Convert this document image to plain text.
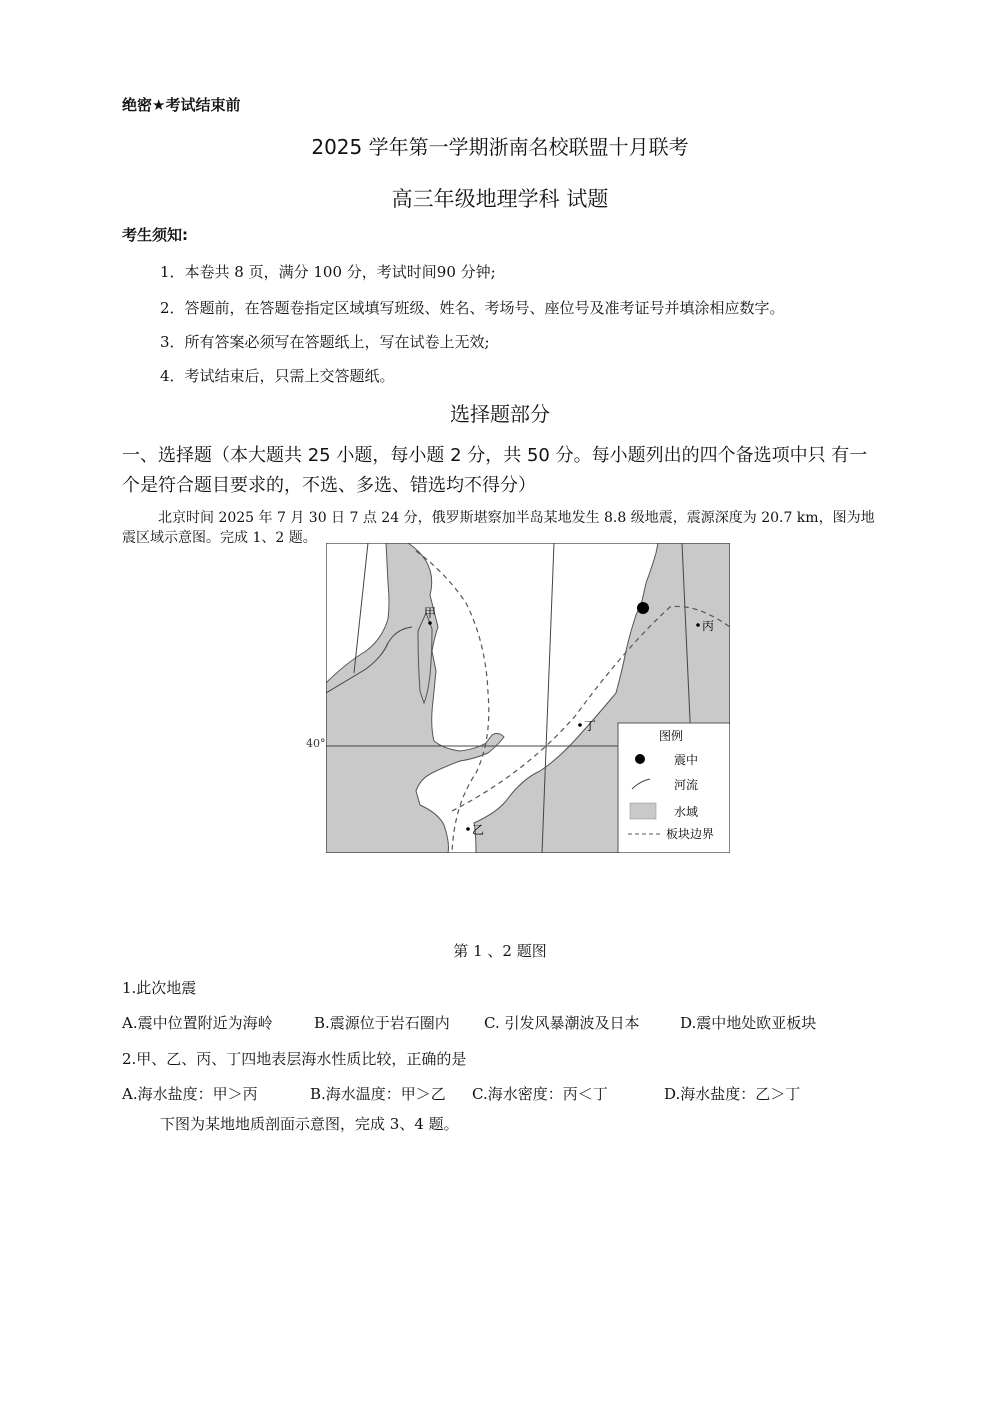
绝密★考试结束前
2025 学年第一学期浙南名校联盟十月联考
高三年级地理学科 试题
考生须知:
1．本卷共 8 页，满分 100 分，考试时间90 分钟;
2．答题前，在答题卷指定区域填写班级、姓名、考场号、座位号及准考证号并填涂相应数字。
3．所有答案必须写在答题纸上，写在试卷上无效;
4．考试结束后，只需上交答题纸。
选择题部分
一、选择题（本大题共 25 小题，每小题 2 分，共 50 分。每小题列出的四个备选项中只 有一个是符合题目要求的，不选、多选、错选均不得分）
北京时间 2025 年 7 月 30 日 7 点 24 分，俄罗斯堪察加半岛某地发生 8.8 级地震，震源深度为 20.7 km，图为地震区域示意图。完成 1、2 题。
甲
乙
丙
丁
图例
震中
河流
水域
板块边界
40°
第 1 、2 题图
1.此次地震
A.震中位置附近为海岭	B.震源位于岩石圈内 C. 引发风暴潮波及日本	D.震中地处欧亚板块
2.甲、乙、丙、丁四地表层海水性质比较，正确的是
A.海水盐度：甲＞丙	B.海水温度：甲＞乙 C.海水密度：丙＜丁	D.海水盐度：乙＞丁
下图为某地地质剖面示意图，完成 3、4 题。
